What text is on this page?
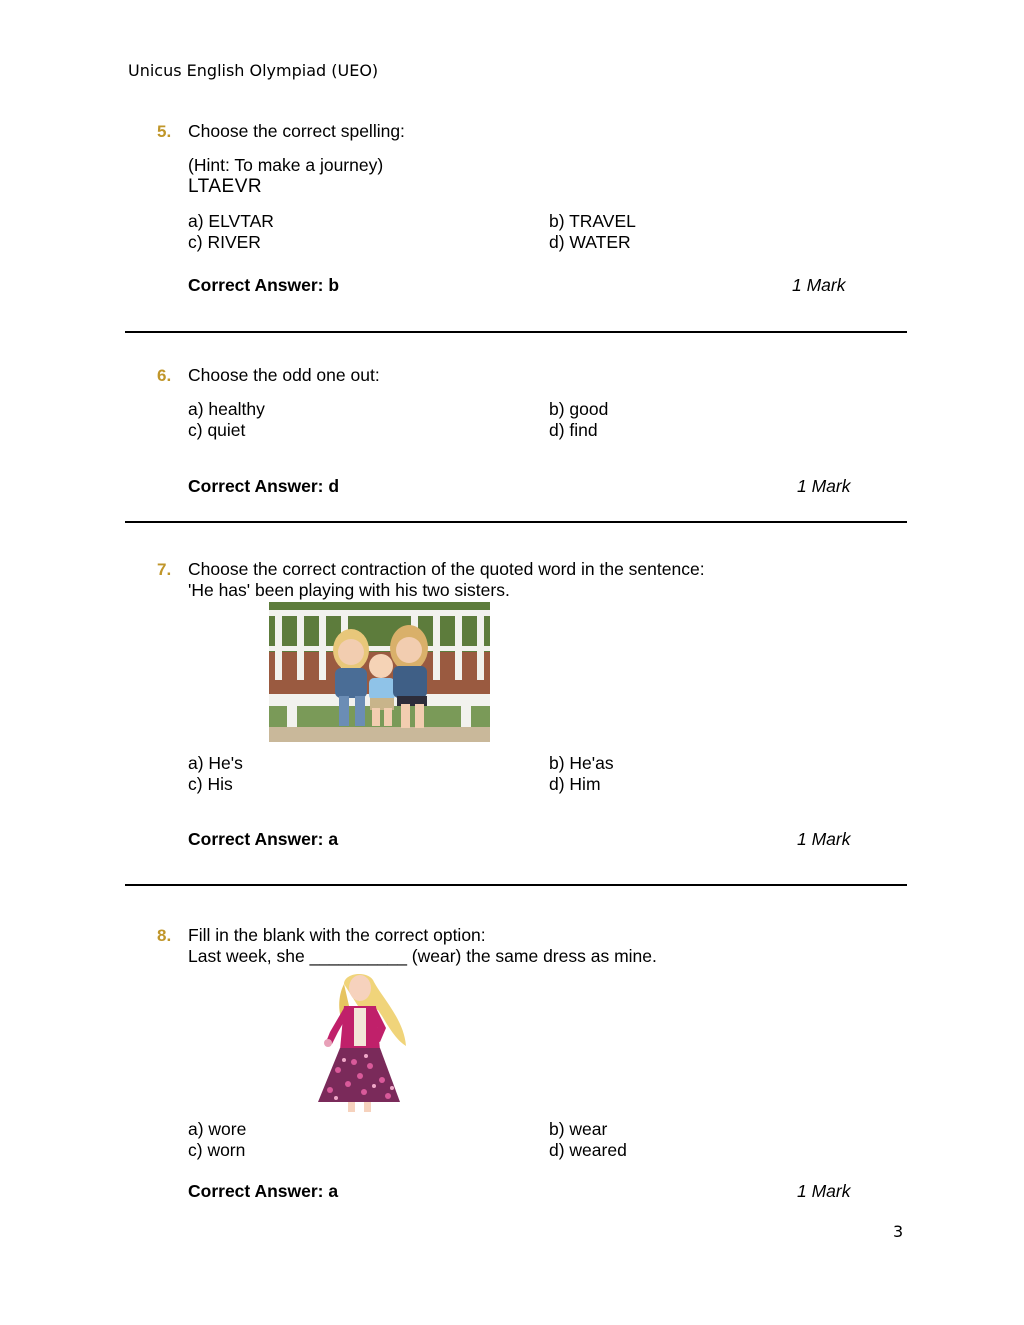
Unicus English Olympiad (UEO)
5. Choose the correct spelling:
(Hint: To make a journey)
LTAEVR
a) ELVTAR	b) TRAVEL
c) RIVER	d) WATER
Correct Answer: b	1 Mark
6. Choose the odd one out:
a) healthy	b) good
c) quiet	d) find
Correct Answer: d	1 Mark
7. Choose the correct contraction of the quoted word in the sentence:
'He has' been playing with his two sisters.
a) He's	b) He'as
c) His	d) Him
Correct Answer: a	1 Mark
8. Fill in the blank with the correct option:
Last week, she __________ (wear) the same dress as mine.
a) wore	b) wear
c) worn	d) weared
Correct Answer: a	1 Mark
3
